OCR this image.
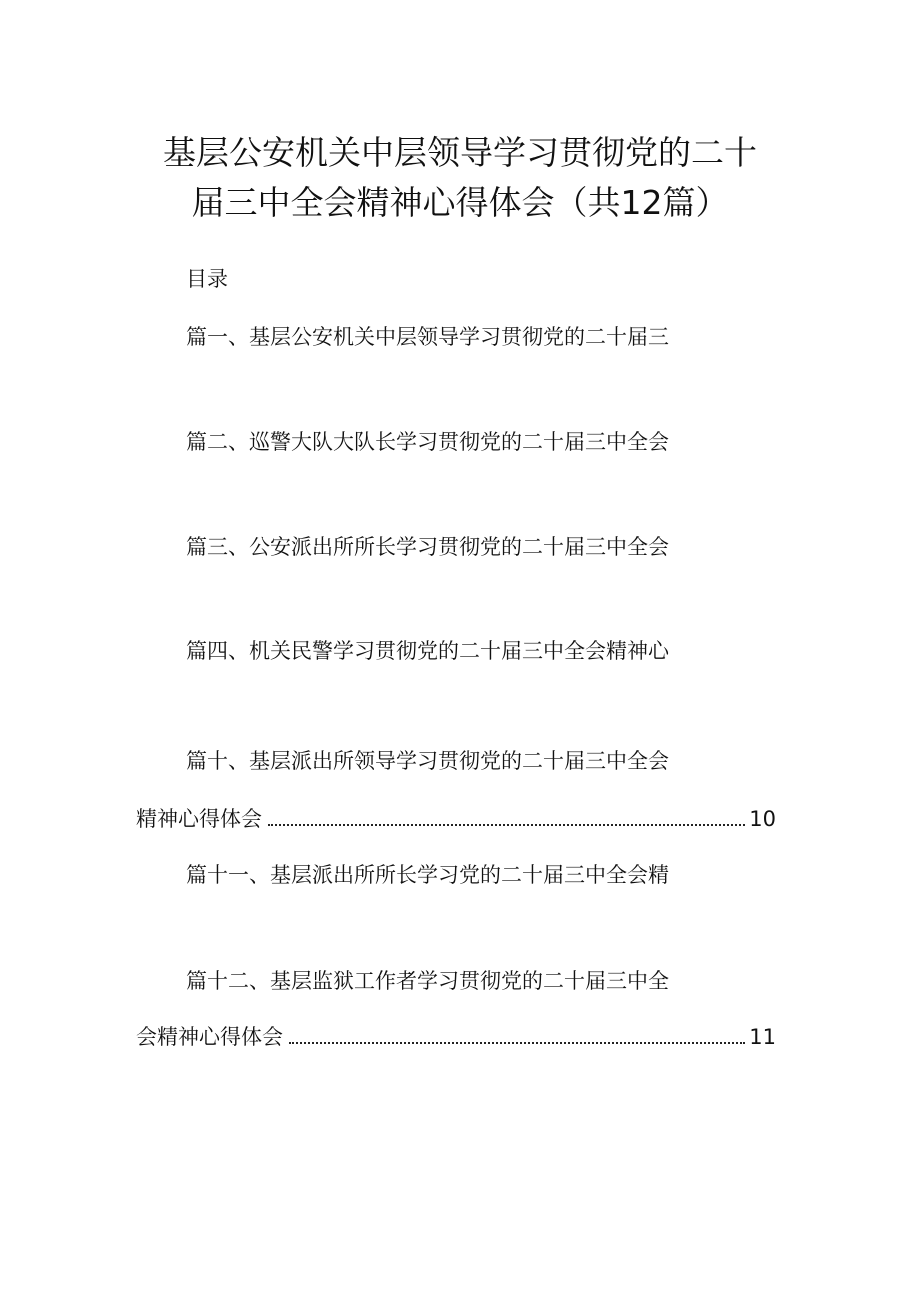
基层公安机关中层领导学习贯彻党的二十
届三中全会精神心得体会（共12篇）
目录
篇一、基层公安机关中层领导学习贯彻党的二十届三
篇二、巡警大队大队长学习贯彻党的二十届三中全会
篇三、公安派出所所长学习贯彻党的二十届三中全会
篇四、机关民警学习贯彻党的二十届三中全会精神心
篇十、基层派出所领导学习贯彻党的二十届三中全会
精神心得体会	10
篇十一、基层派出所所长学习党的二十届三中全会精
篇十二、基层监狱工作者学习贯彻党的二十届三中全
会精神心得体会	11
